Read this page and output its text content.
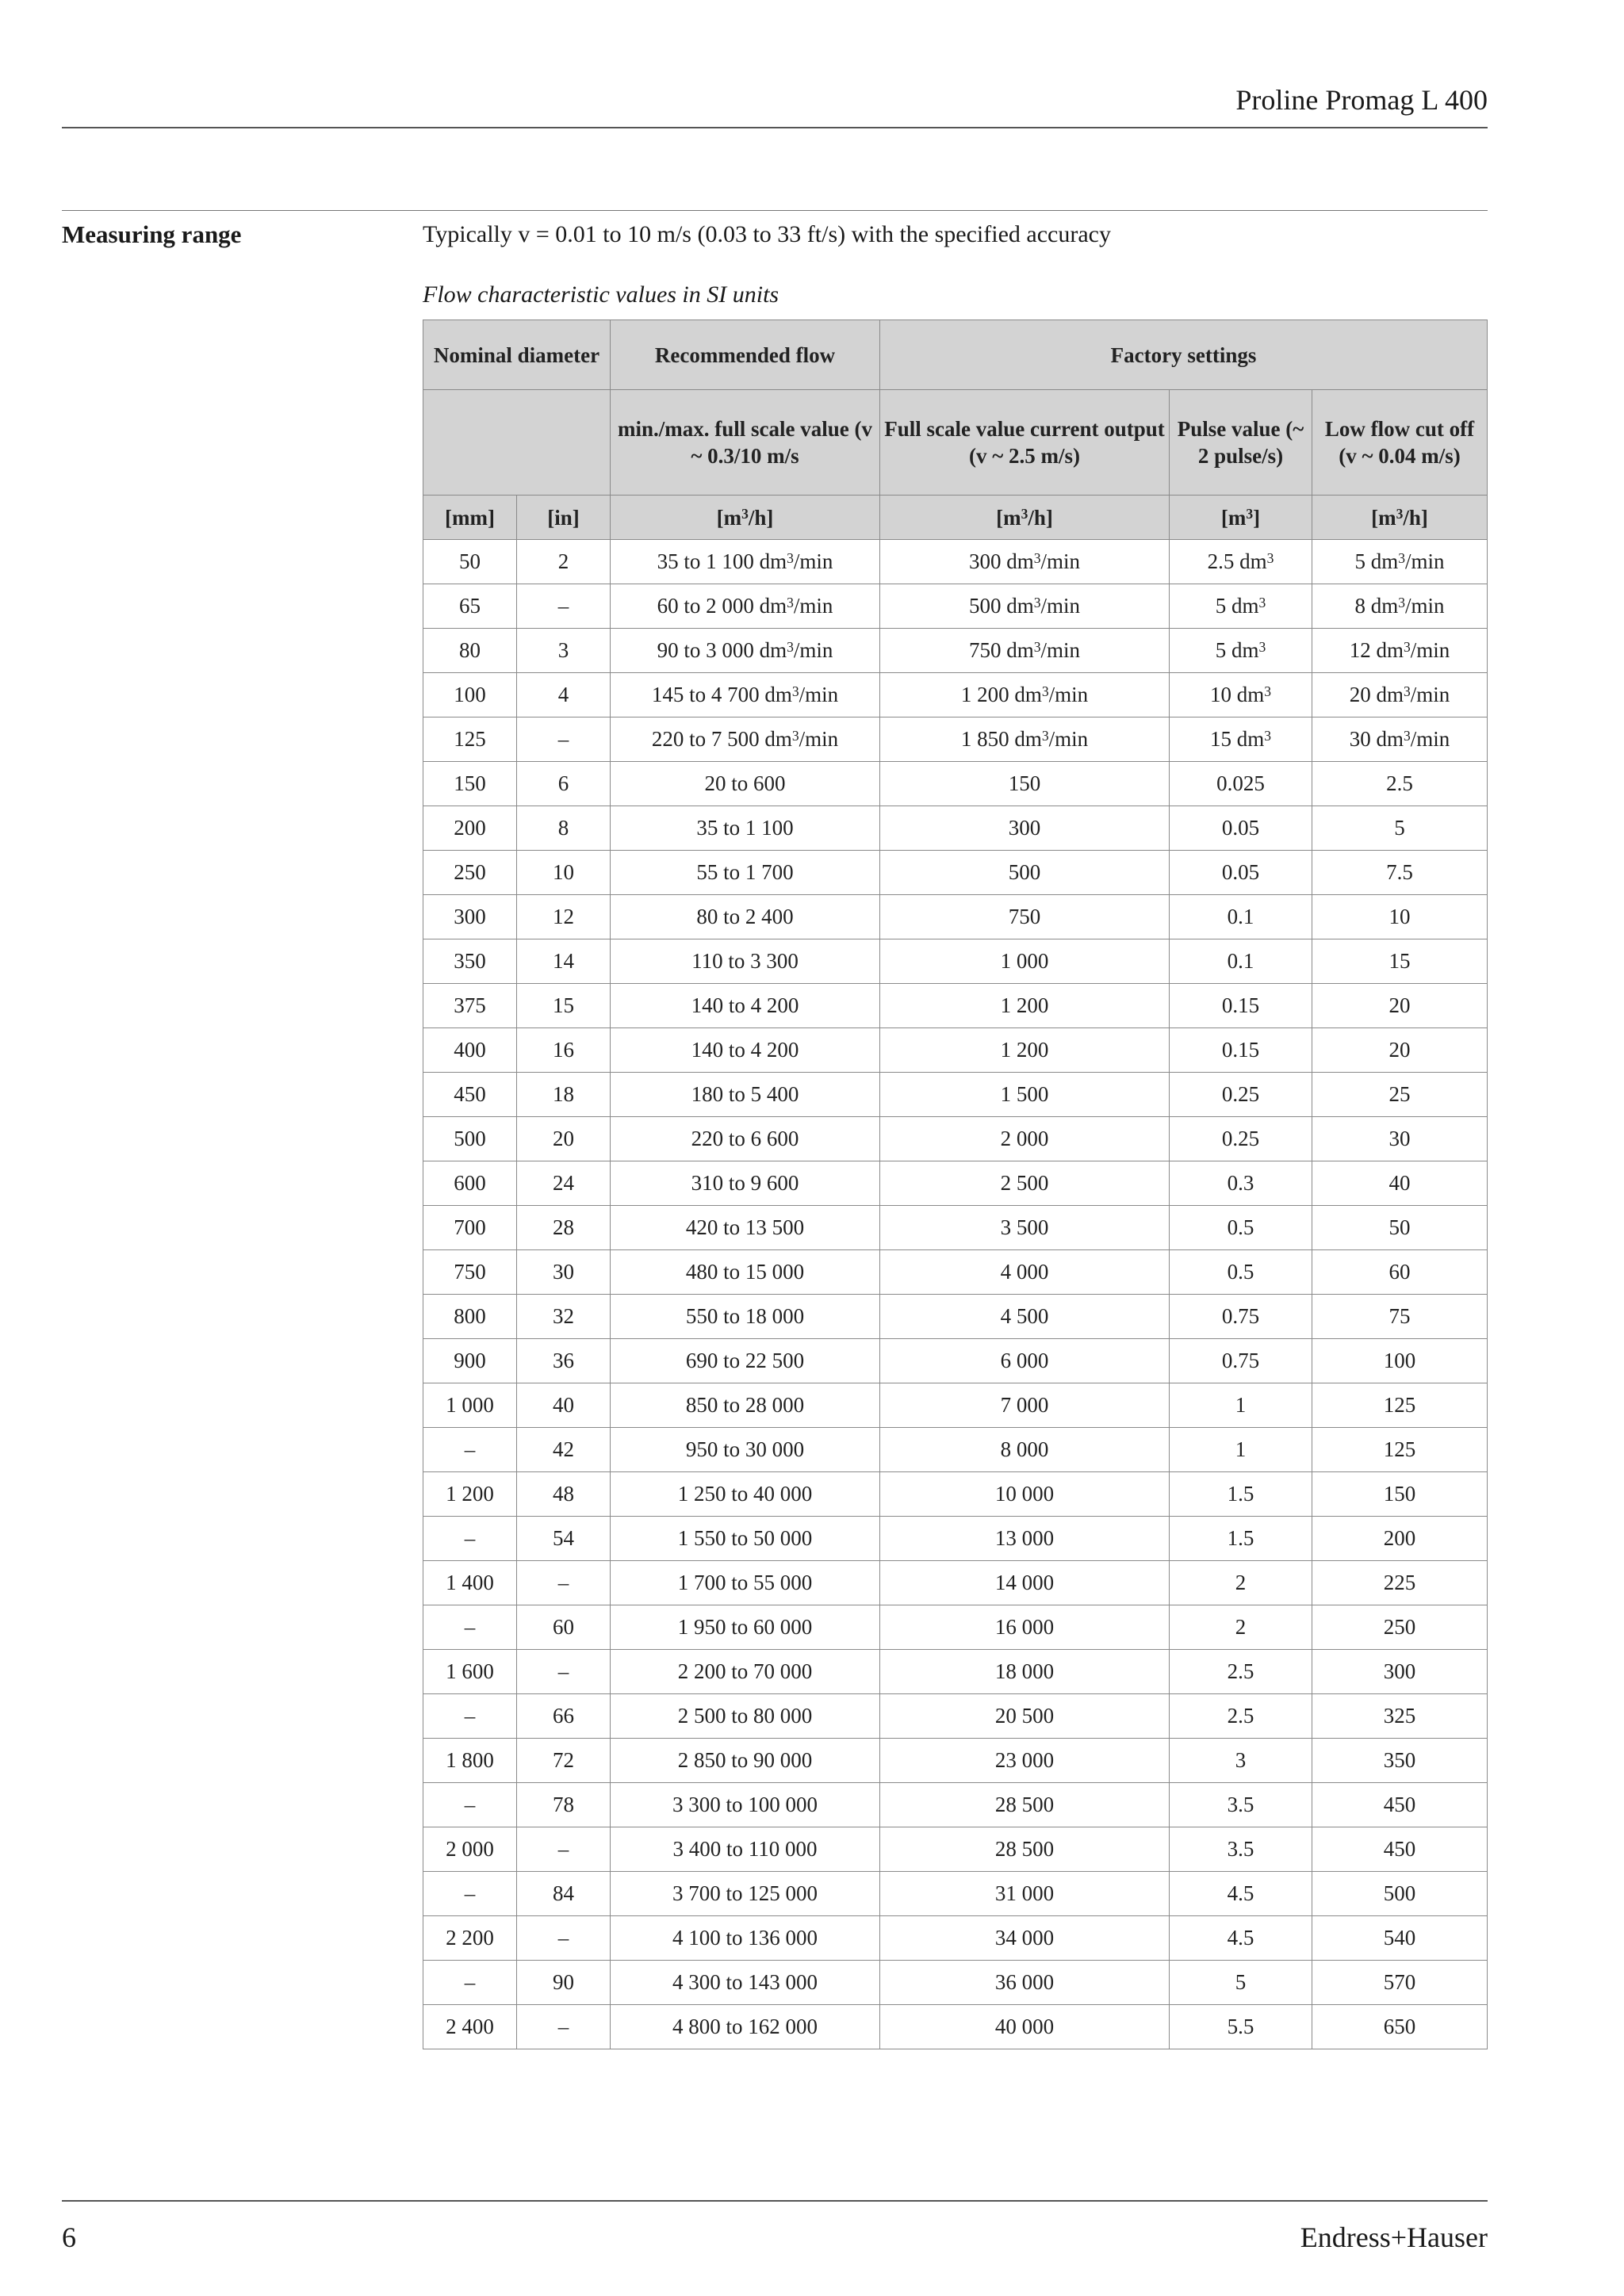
Proline Promag L 400
Measuring range	Typically v = 0.01 to 10 m/s (0.03 to 33 ft/s) with the specified accuracy
Flow characteristic values in SI units
Nominal diameter		Recommended flow	Factory settings		
		min./max. full scale value (v ~ 0.3/10 m/s	Full scale value current output (v ~ 2.5 m/s)	Pulse value (~ 2 pulse/s)	Low flow cut off (v ~ 0.04 m/s)
[mm]	[in]	$[m^3/h]$	$[m^3/h]$	$[m^3]$	$[m^3/h]$
50	2	35 to 1 100 $dm^3/\min$	300 $dm^3/\min$	2.5 $dm^3$	5 $dm^3/\min$
65	–	60 to 2 000 $dm^3/\min$	500 $dm^3/\min$	5 $dm^3$	8 $dm^3/\min$
80	3	90 to 3 000 $dm^3/\min$	750 $dm^3/\min$	5 $dm^3$	12 $dm^3/\min$
100	4	145 to 4 700 $dm^3/\min$	1 200 $dm^3/\min$	10 $dm^3$	20 $dm^3/\min$
125	–	220 to 7 500 $dm^3/\min$	1 850 $dm^3/\min$	15 $dm^3$	30 $dm^3/\min$
150	6	20 to 600	150	0.025	2.5
200	8	35 to 1 100	300	0.05	5
250	10	55 to 1 700	500	0.05	7.5
300	12	80 to 2 400	750	0.1	10
350	14	110 to 3 300	1 000	0.1	15
375	15	140 to 4 200	1 200	0.15	20
400	16	140 to 4 200	1 200	0.15	20
450	18	180 to 5 400	1 500	0.25	25
500	20	220 to 6 600	2 000	0.25	30
600	24	310 to 9 600	2 500	0.3	40
700	28	420 to 13 500	3 500	0.5	50
750	30	480 to 15 000	4 000	0.5	60
800	32	550 to 18 000	4 500	0.75	75
900	36	690 to 22 500	6 000	0.75	100
1 000	40	850 to 28 000	7 000	1	125
–	42	950 to 30 000	8 000	1	125
1 200	48	1 250 to 40 000	10 000	1.5	150
–	54	1 550 to 50 000	13 000	1.5	200
1 400	–	1 700 to 55 000	14 000	2	225
–	60	1 950 to 60 000	16 000	2	250
1 600	–	2 200 to 70 000	18 000	2.5	300
–	66	2 500 to 80 000	20 500	2.5	325
1 800	72	2 850 to 90 000	23 000	3	350
–	78	3 300 to 100 000	28 500	3.5	450
2 000	–	3 400 to 110 000	28 500	3.5	450
–	84	3 700 to 125 000	31 000	4.5	500
2 200	–	4 100 to 136 000	34 000	4.5	540
–	90	4 300 to 143 000	36 000	5	570
2 400	–	4 800 to 162 000	40 000	5.5	650
6	Endress+Hauser
